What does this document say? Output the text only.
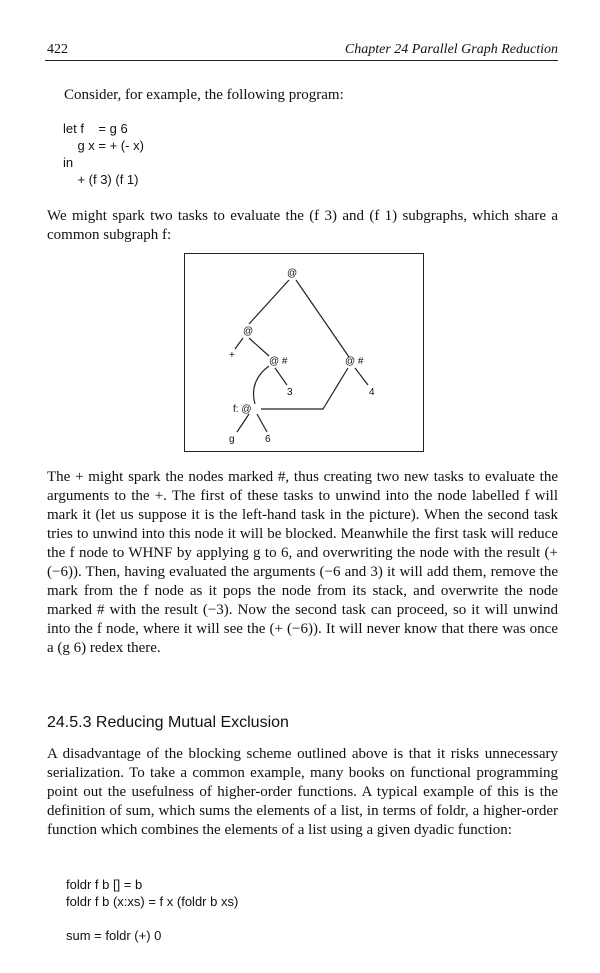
422	Chapter 24 Parallel Graph Reduction
Consider, for example, the following program:
let f    = g 6
g x = + (- x)
in
+ (f 3) (f 1)
We might spark two tasks to evaluate the (f 3) and (f 1) subgraphs, which share a common subgraph f:
@
@
+
@ #
3
@ #
4
f: @
g	6
The + might spark the nodes marked #, thus creating two new tasks to evaluate the arguments to the +. The first of these tasks to unwind into the node labelled f will mark it (let us suppose it is the left-hand task in the picture). When the second task tries to unwind into this node it will be blocked. Meanwhile the first task will reduce the f node to WHNF by applying g to 6, and overwriting the node with the result (+ (−6)). Then, having evaluated the arguments (−6 and 3) it will add them, remove the mark from the f node as it pops the node from its stack, and overwrite the node marked # with the result (−3). Now the second task can proceed, so it will unwind into the f node, where it will see the (+ (−6)). It will never know that there was once a (g 6) redex there.
24.5.3 Reducing Mutual Exclusion
A disadvantage of the blocking scheme outlined above is that it risks unnecessary serialization. To take a common example, many books on functional programming point out the usefulness of higher-order functions. A typical example of this is the definition of sum, which sums the elements of a list, in terms of foldr, a higher-order function which combines the elements of a list using a given dyadic function:
foldr f b [] = b
foldr f b (x:xs) = f x (foldr b xs)

sum = foldr (+) 0
